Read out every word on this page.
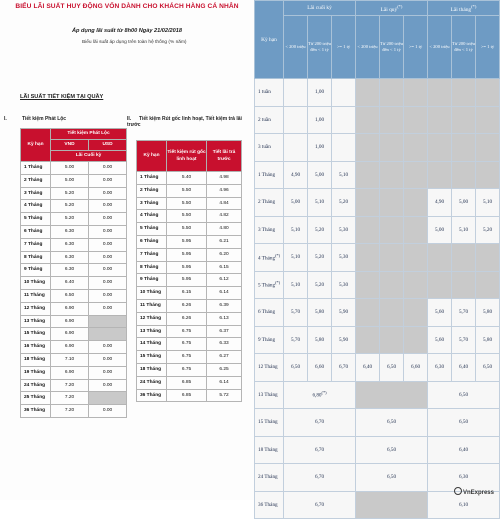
BIỂU LÃI SUẤT HUY ĐỘNG VỐN DÀNH CHO KHÁCH HÀNG CÁ NHÂN
Áp dụng lãi suất từ 8h00 Ngày 21/02/2018
Biểu lãi suất áp dụng trên toàn hệ thống (% năm)
LÃI SUẤT TIẾT KIỆM TẠI QUẦY
I.	Tiết kiệm Phát Lộc	II. Tiết kiệm Rút gốc linh hoạt, Tiết kiệm trả lãi trước
Kỳ hạn	Tiết kiệm Phát Lộc	
	VND	USD
	Lãi Cuối kỳ	
1 Tháng	5.00	0.00
2 Tháng	5.00	0.00
3 Tháng	5.20	0.00
4 Tháng	5.20	0.00
5 Tháng	5.20	0.00
6 Tháng	6.30	0.00
7 Tháng	6.30	0.00
8 Tháng	6.30	0.00
9 Tháng	6.30	0.00
10 Tháng	6.40	0.00
11 Tháng	6.50	0.00
12 Tháng	6.90	0.00
13 Tháng	6.90	
15 Tháng	6.90	
16 Tháng	6.90	0.00
18 Tháng	7.10	0.00
19 Tháng	6.90	0.00
24 Tháng	7.20	0.00
25 Tháng	7.20	
36 Tháng	7.20	0.00
Kỳ hạn	Tiết kiệm rút gốc linh hoạt	Tiết lãi trả trước
1 Tháng	5.40	4.98
2 Tháng	5.50	4.96
3 Tháng	5.50	4.84
4 Tháng	5.50	4.82
5 Tháng	5.50	4.80
6 Tháng	5.95	6.21
7 Tháng	5.95	6.20
8 Tháng	5.95	6.15
9 Tháng	5.95	6.12
10 Tháng	6.15	6.14
11 Tháng	6.26	6.39
12 Tháng	6.26	6.13
13 Tháng	6.75	6.37
14 Tháng	6.75	6.33
15 Tháng	6.75	6.27
18 Tháng	6.75	6.25
24 Tháng	6.85	6.14
36 Tháng	6.85	5.72
Kỳ hạn	Lãi cuối kỳ			Lãi quý(*)			Lãi tháng(*)
	< 200 triệu	Từ 200 triệu đến < 1 tỷ	>= 1 tỷ	< 200 triệu	Từ 200 triệu đến < 1 tỷ	>= 1 tỷ	< 200 triệu	Từ 200 triệu đến < 1 tỷ	>= 1 tỷ
1 tuần		1,00							
2 tuần		1,00							
3 tuần		1,00							
1 Tháng	4,90	5,00	5,10						
2 Tháng	5,00	5,10	5,20				4,90	5,00	5,10
3 Tháng	5,10	5,20	5,30				5,00	5,10	5,20
4 Tháng(*)	5,10	5,20	5,30						
5 Tháng(*)	5,10	5,20	5,30						
6 Tháng	5,70	5,80	5,90				5,60	5,70	5,80
9 Tháng	5,70	5,80	5,90				5,60	5,70	5,80
12 Tháng	6,50	6,60	6,70	6,40	6,50	6,60	6,30	6,40	6,50
13 Tháng	6,80(*)						6,50		
15 Tháng	6,70			6,50			6,50		
18 Tháng	6,70			6,50			6,40		
24 Tháng	6,70			6,50			6,30		
36 Tháng	6,70						6,10		
VnExpress
